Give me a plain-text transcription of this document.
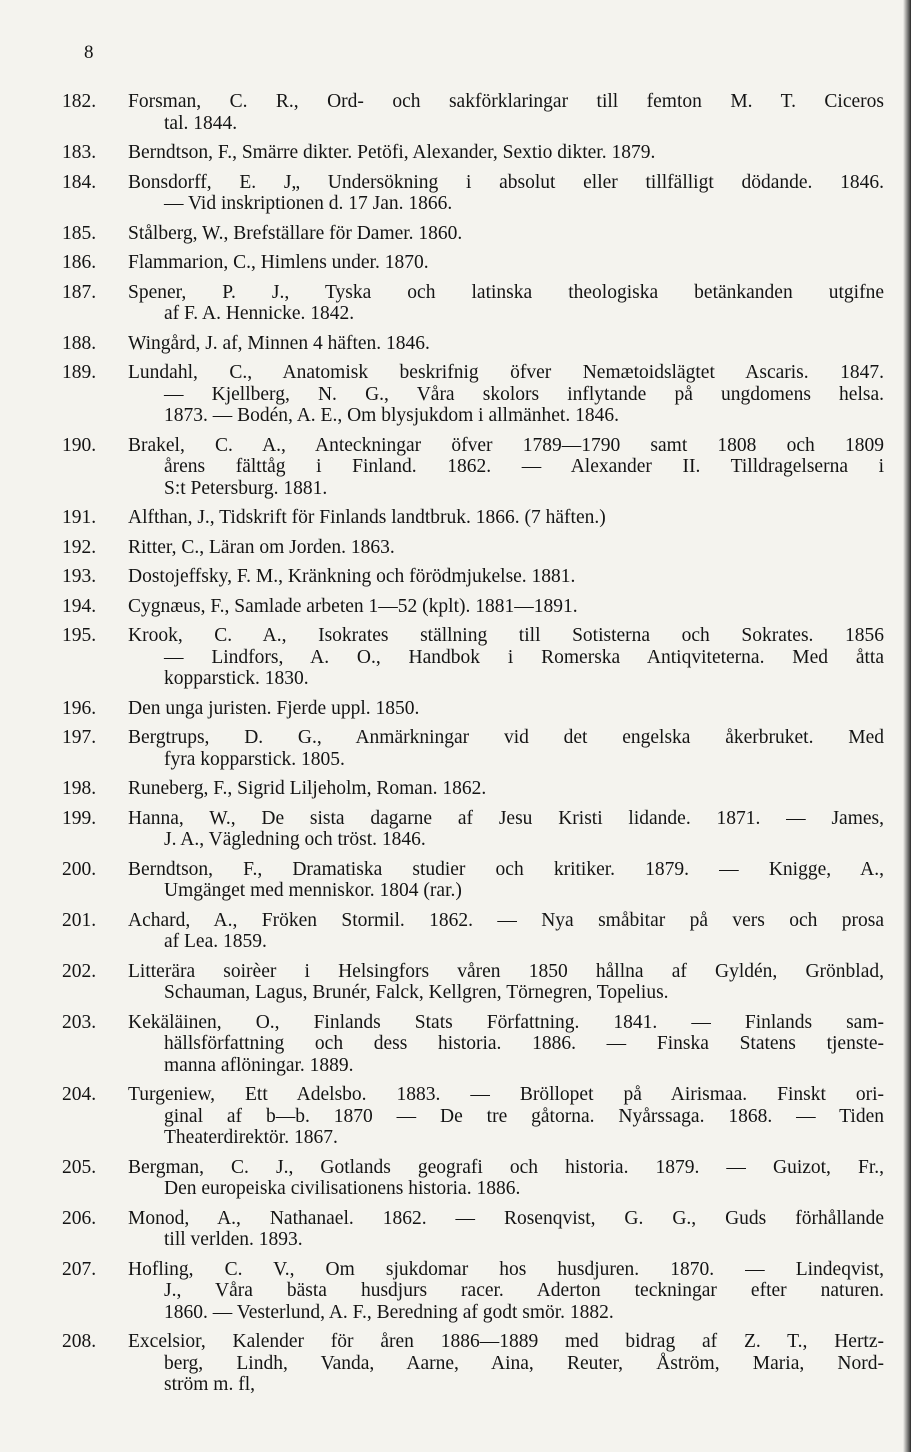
8
182.	Forsman, C. R., Ord- och sakförklaringar till femton M. T. Ciceros
tal. 1844.
183.	Berndtson, F., Smärre dikter. Petöfi, Alexander, Sextio dikter. 1879.
184.	Bonsdorff, E. J„ Undersökning i absolut eller tillfälligt dödande. 1846.
— Vid inskriptionen d. 17 Jan. 1866.
185.	Stålberg, W., Brefställare för Damer. 1860.
186.	Flammarion, C., Himlens under. 1870.
187.	Spener, P. J., Tyska och latinska theologiska betänkanden utgifne
af F. A. Hennicke. 1842.
188.	Wingård, J. af, Minnen 4 häften. 1846.
189.	Lundahl, C., Anatomisk beskrifnig öfver Nemætoidslägtet Ascaris. 1847.
— Kjellberg, N. G., Våra skolors inflytande på ungdomens helsa.
1873. — Bodén, A. E., Om blysjukdom i allmänhet. 1846.
190.	Brakel, C. A., Anteckningar öfver 1789—1790 samt 1808 och 1809
årens fälttåg i Finland. 1862. — Alexander II. Tilldragelserna i
S:t Petersburg. 1881.
191.	Alfthan, J., Tidskrift för Finlands landtbruk. 1866. (7 häften.)
192.	Ritter, C., Läran om Jorden. 1863.
193.	Dostojeffsky, F. M., Kränkning och förödmjukelse. 1881.
194.	Cygnæus, F., Samlade arbeten 1—52 (kplt). 1881—1891.
195.	Krook, C. A., Isokrates ställning till Sotisterna och Sokrates. 1856
— Lindfors, A. O., Handbok i Romerska Antiqviteterna. Med åtta
kopparstick. 1830.
196.	Den unga juristen. Fjerde uppl. 1850.
197.	Bergtrups, D. G., Anmärkningar vid det engelska åkerbruket. Med
fyra kopparstick. 1805.
198.	Runeberg, F., Sigrid Liljeholm, Roman. 1862.
199.	Hanna, W., De sista dagarne af Jesu Kristi lidande. 1871. — James,
J. A., Vägledning och tröst. 1846.
200.	Berndtson, F., Dramatiska studier och kritiker. 1879. — Knigge, A.,
Umgänget med menniskor. 1804 (rar.)
201.	Achard, A., Fröken Stormil. 1862. — Nya småbitar på vers och prosa
af Lea. 1859.
202.	Litterära soirèer i Helsingfors våren 1850 hållna af Gyldén, Grönblad,
Schauman, Lagus, Brunér, Falck, Kellgren, Törnegren, Topelius.
203.	Kekäläinen, O., Finlands Stats Författning. 1841. — Finlands sam-
hällsförfattning och dess historia. 1886. — Finska Statens tjenste-
manna aflöningar. 1889.
204.	Turgeniew, Ett Adelsbo. 1883. — Bröllopet på Airismaa. Finskt ori-
ginal af b—b. 1870 — De tre gåtorna. Nyårssaga. 1868. — Tiden
Theaterdirektör. 1867.
205.	Bergman, C. J., Gotlands geografi och historia. 1879. — Guizot, Fr.,
Den europeiska civilisationens historia. 1886.
206.	Monod, A., Nathanael. 1862. — Rosenqvist, G. G., Guds förhållande
till verlden. 1893.
207.	Hofling, C. V., Om sjukdomar hos husdjuren. 1870. — Lindeqvist,
J., Våra bästa husdjurs racer. Aderton teckningar efter naturen.
1860. — Vesterlund, A. F., Beredning af godt smör. 1882.
208.	Excelsior, Kalender för åren 1886—1889 med bidrag af Z. T., Hertz-
berg, Lindh, Vanda, Aarne, Aina, Reuter, Åström, Maria, Nord-
ström m. fl,
